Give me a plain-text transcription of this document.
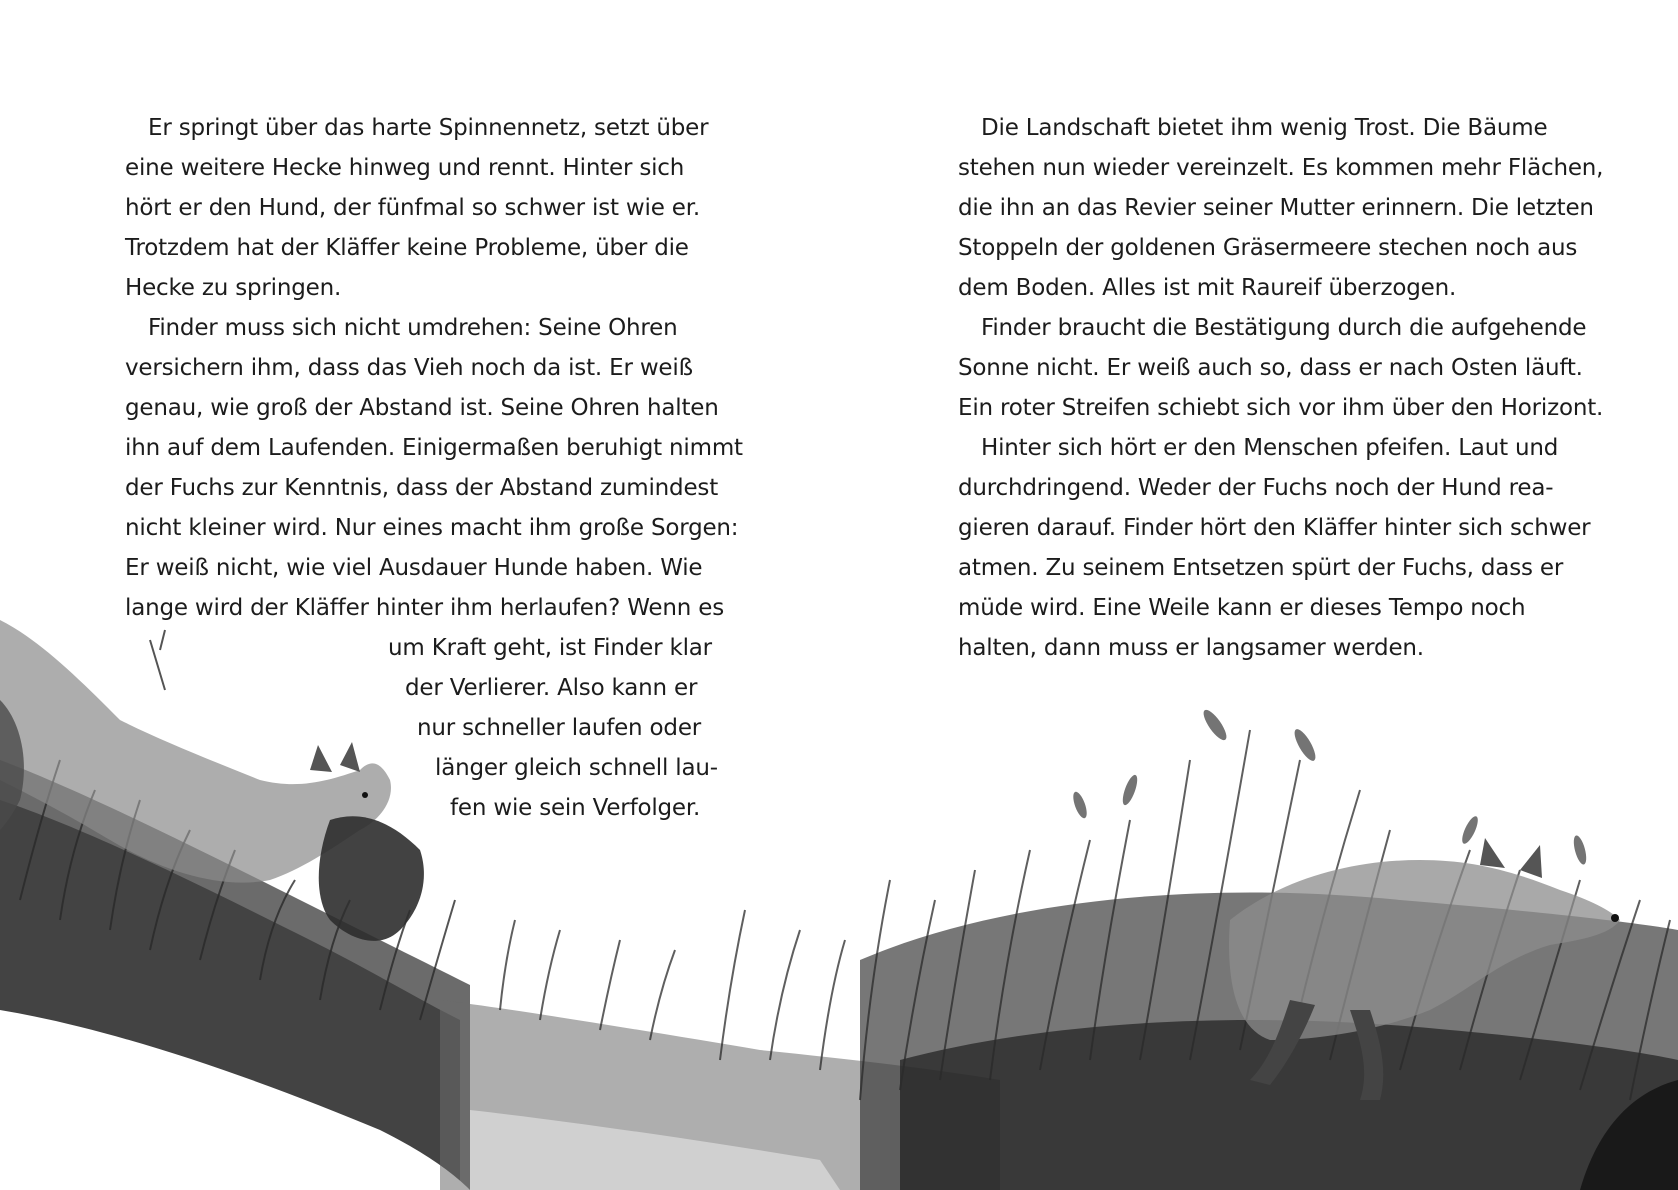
Er springt über das harte Spinnennetz, setzt über
eine weitere Hecke hinweg und rennt. Hinter sich
hört er den Hund, der fünfmal so schwer ist wie er.
Trotzdem hat der Kläffer keine Probleme, über die
Hecke zu springen.
Finder muss sich nicht umdrehen: Seine Ohren
versichern ihm, dass das Vieh noch da ist. Er weiß
genau, wie groß der Abstand ist. Seine Ohren halten
ihn auf dem Laufenden. Einigermaßen beruhigt nimmt
der Fuchs zur Kenntnis, dass der Abstand zumindest
nicht kleiner wird. Nur eines macht ihm große Sorgen:
Er weiß nicht, wie viel Ausdauer Hunde haben. Wie
lange wird der Kläffer hinter ihm herlaufen? Wenn es
um Kraft geht, ist Finder klar
der Verlierer. Also kann er
nur schneller laufen oder
länger gleich schnell lau-
fen wie sein Verfolger.
Die Landschaft bietet ihm wenig Trost. Die Bäume
stehen nun wieder vereinzelt. Es kommen mehr Flächen,
die ihn an das Revier seiner Mutter erinnern. Die letzten
Stoppeln der goldenen Gräsermeere stechen noch aus
dem Boden. Alles ist mit Raureif überzogen.
Finder braucht die Bestätigung durch die aufgehende
Sonne nicht. Er weiß auch so, dass er nach Osten läuft.
Ein roter Streifen schiebt sich vor ihm über den Horizont.
Hinter sich hört er den Menschen pfeifen. Laut und
durchdringend. Weder der Fuchs noch der Hund rea-
gieren darauf. Finder hört den Kläffer hinter sich schwer
atmen. Zu seinem Entsetzen spürt der Fuchs, dass er
müde wird. Eine Weile kann er dieses Tempo noch
halten, dann muss er langsamer werden.
